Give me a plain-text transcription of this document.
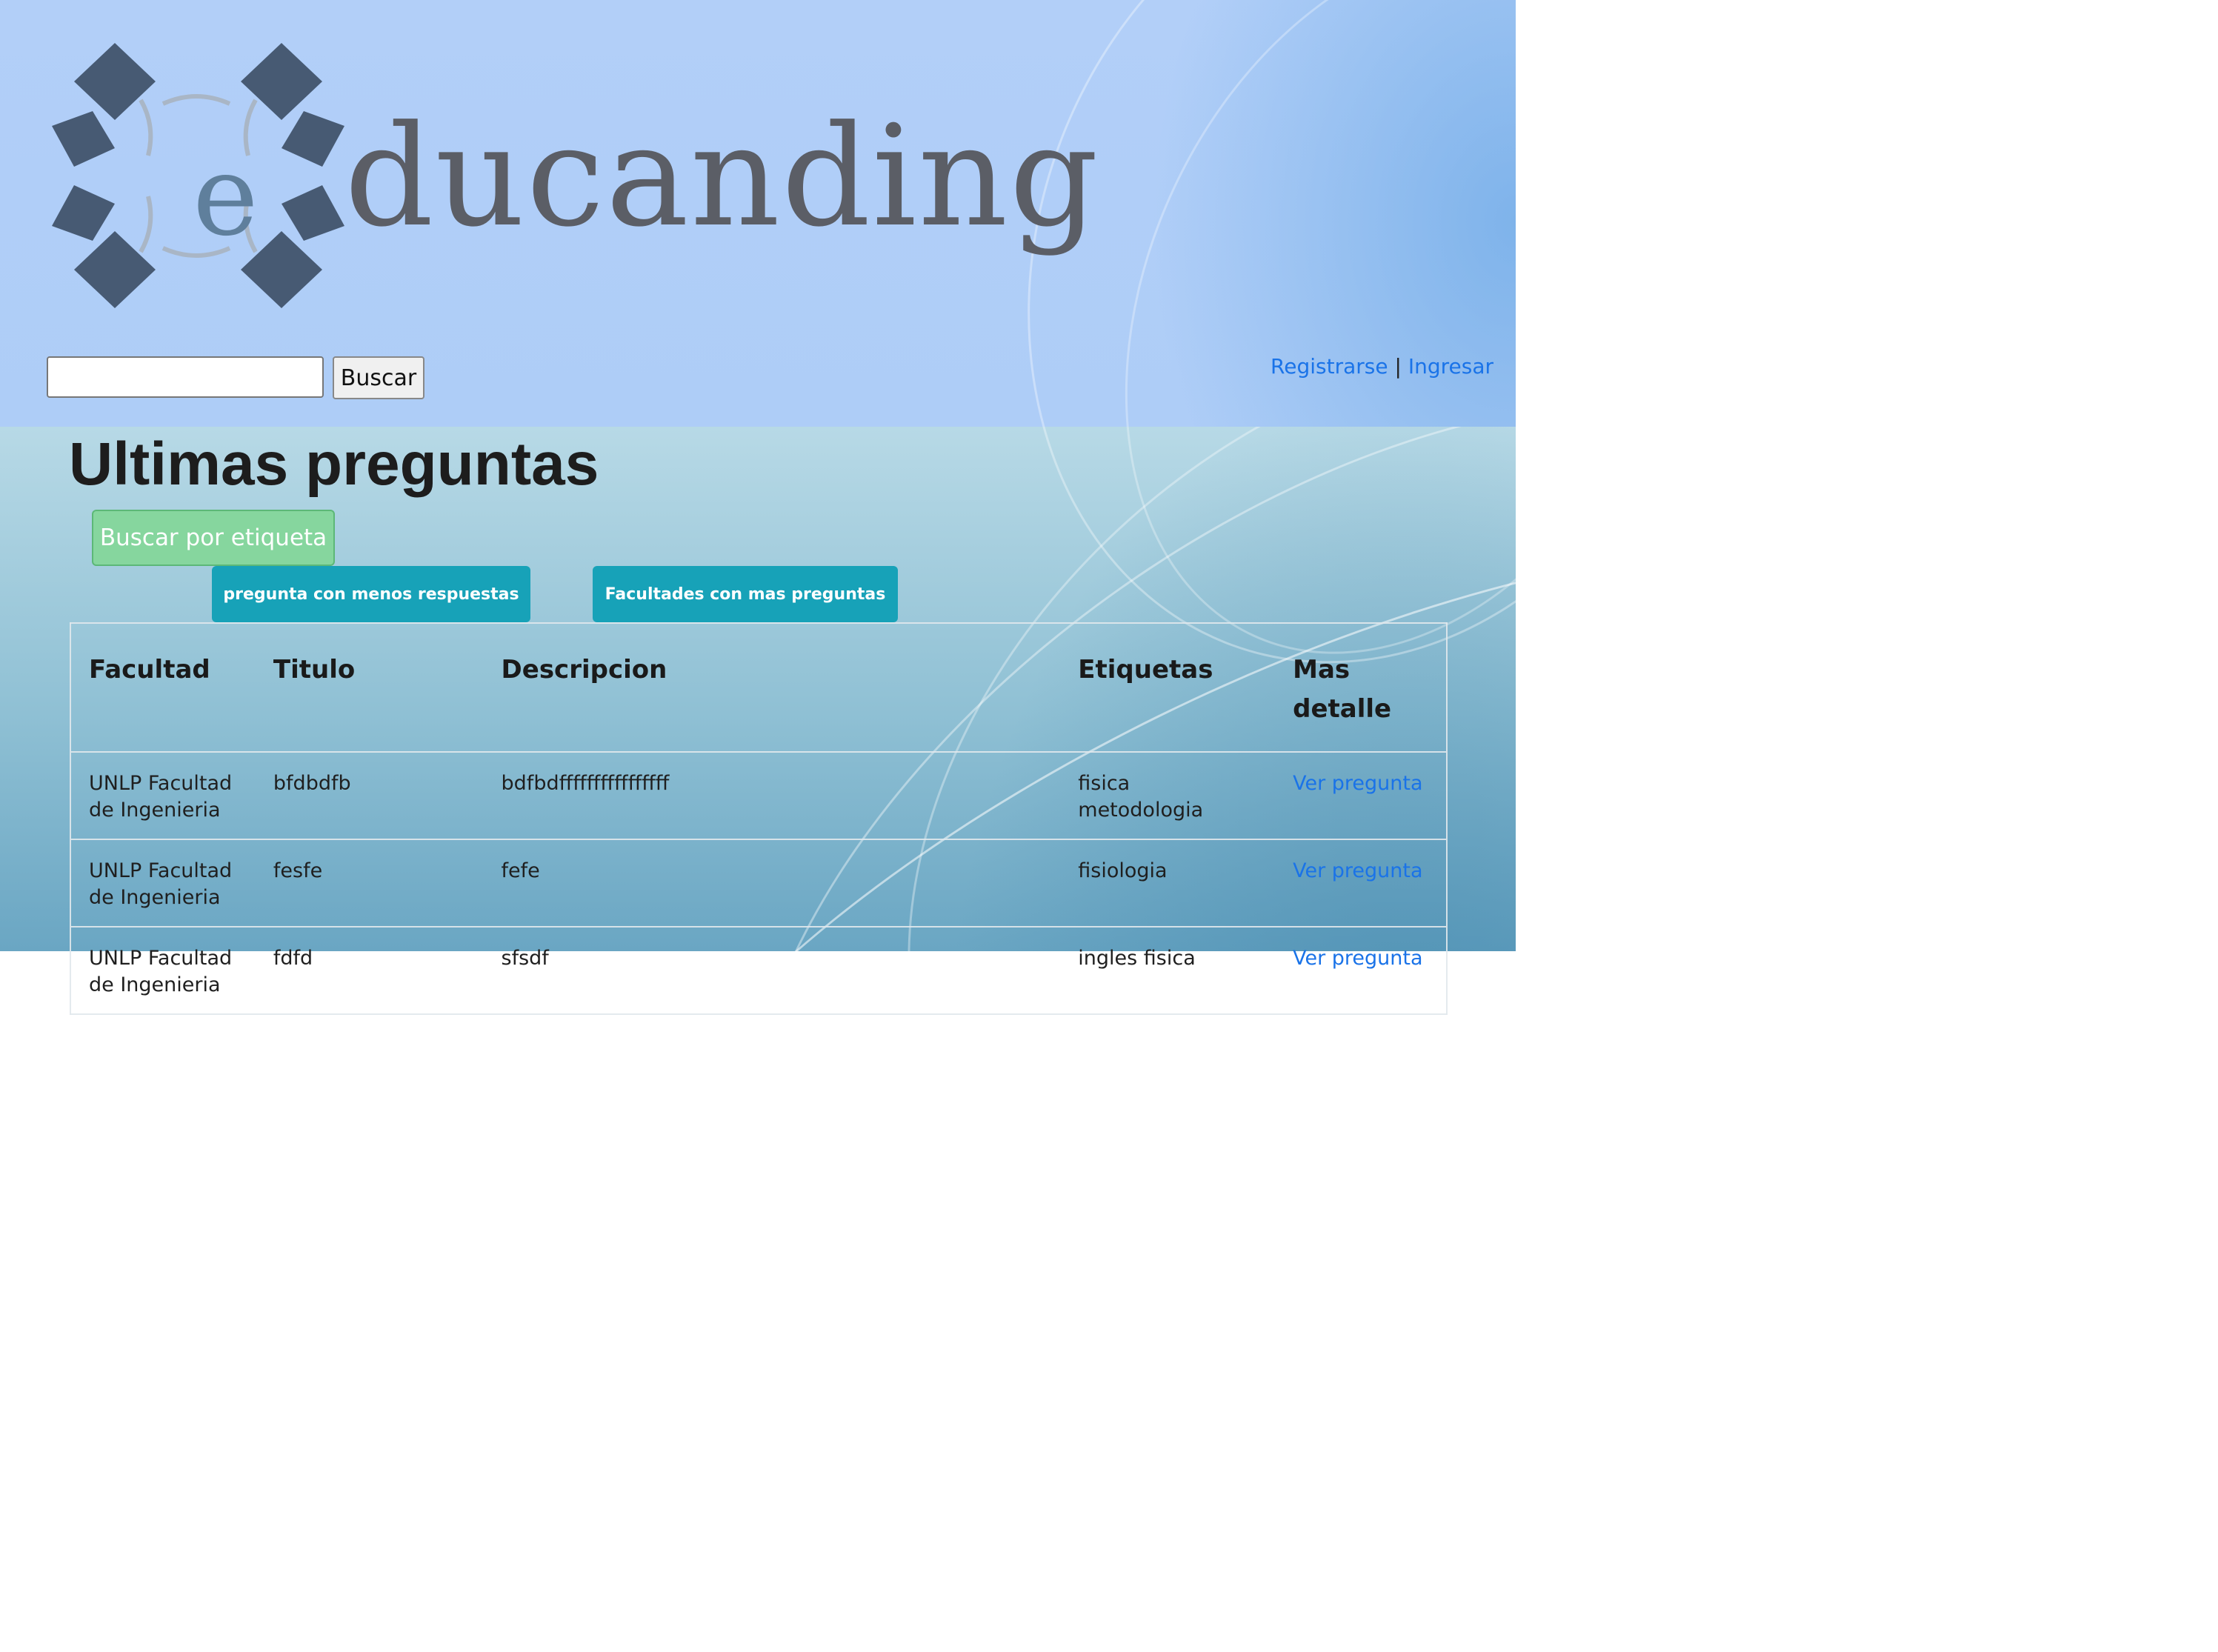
e ducanding
Buscar	Registrarse | Ingresar
Ultimas preguntas
Buscar por etiqueta
pregunta con menos respuestas	Facultades con mas preguntas
Facultad	Titulo	Descripcion	Etiquetas	Mas detalle
UNLP Facultad de Ingenieria	bfdbdfb	bdfbdffffffffffffffff	fisica metodologia	Ver pregunta
UNLP Facultad de Ingenieria	fesfe	fefe	fisiologia	Ver pregunta
UNLP Facultad de Ingenieria	fdfd	sfsdf	ingles fisica	Ver pregunta
